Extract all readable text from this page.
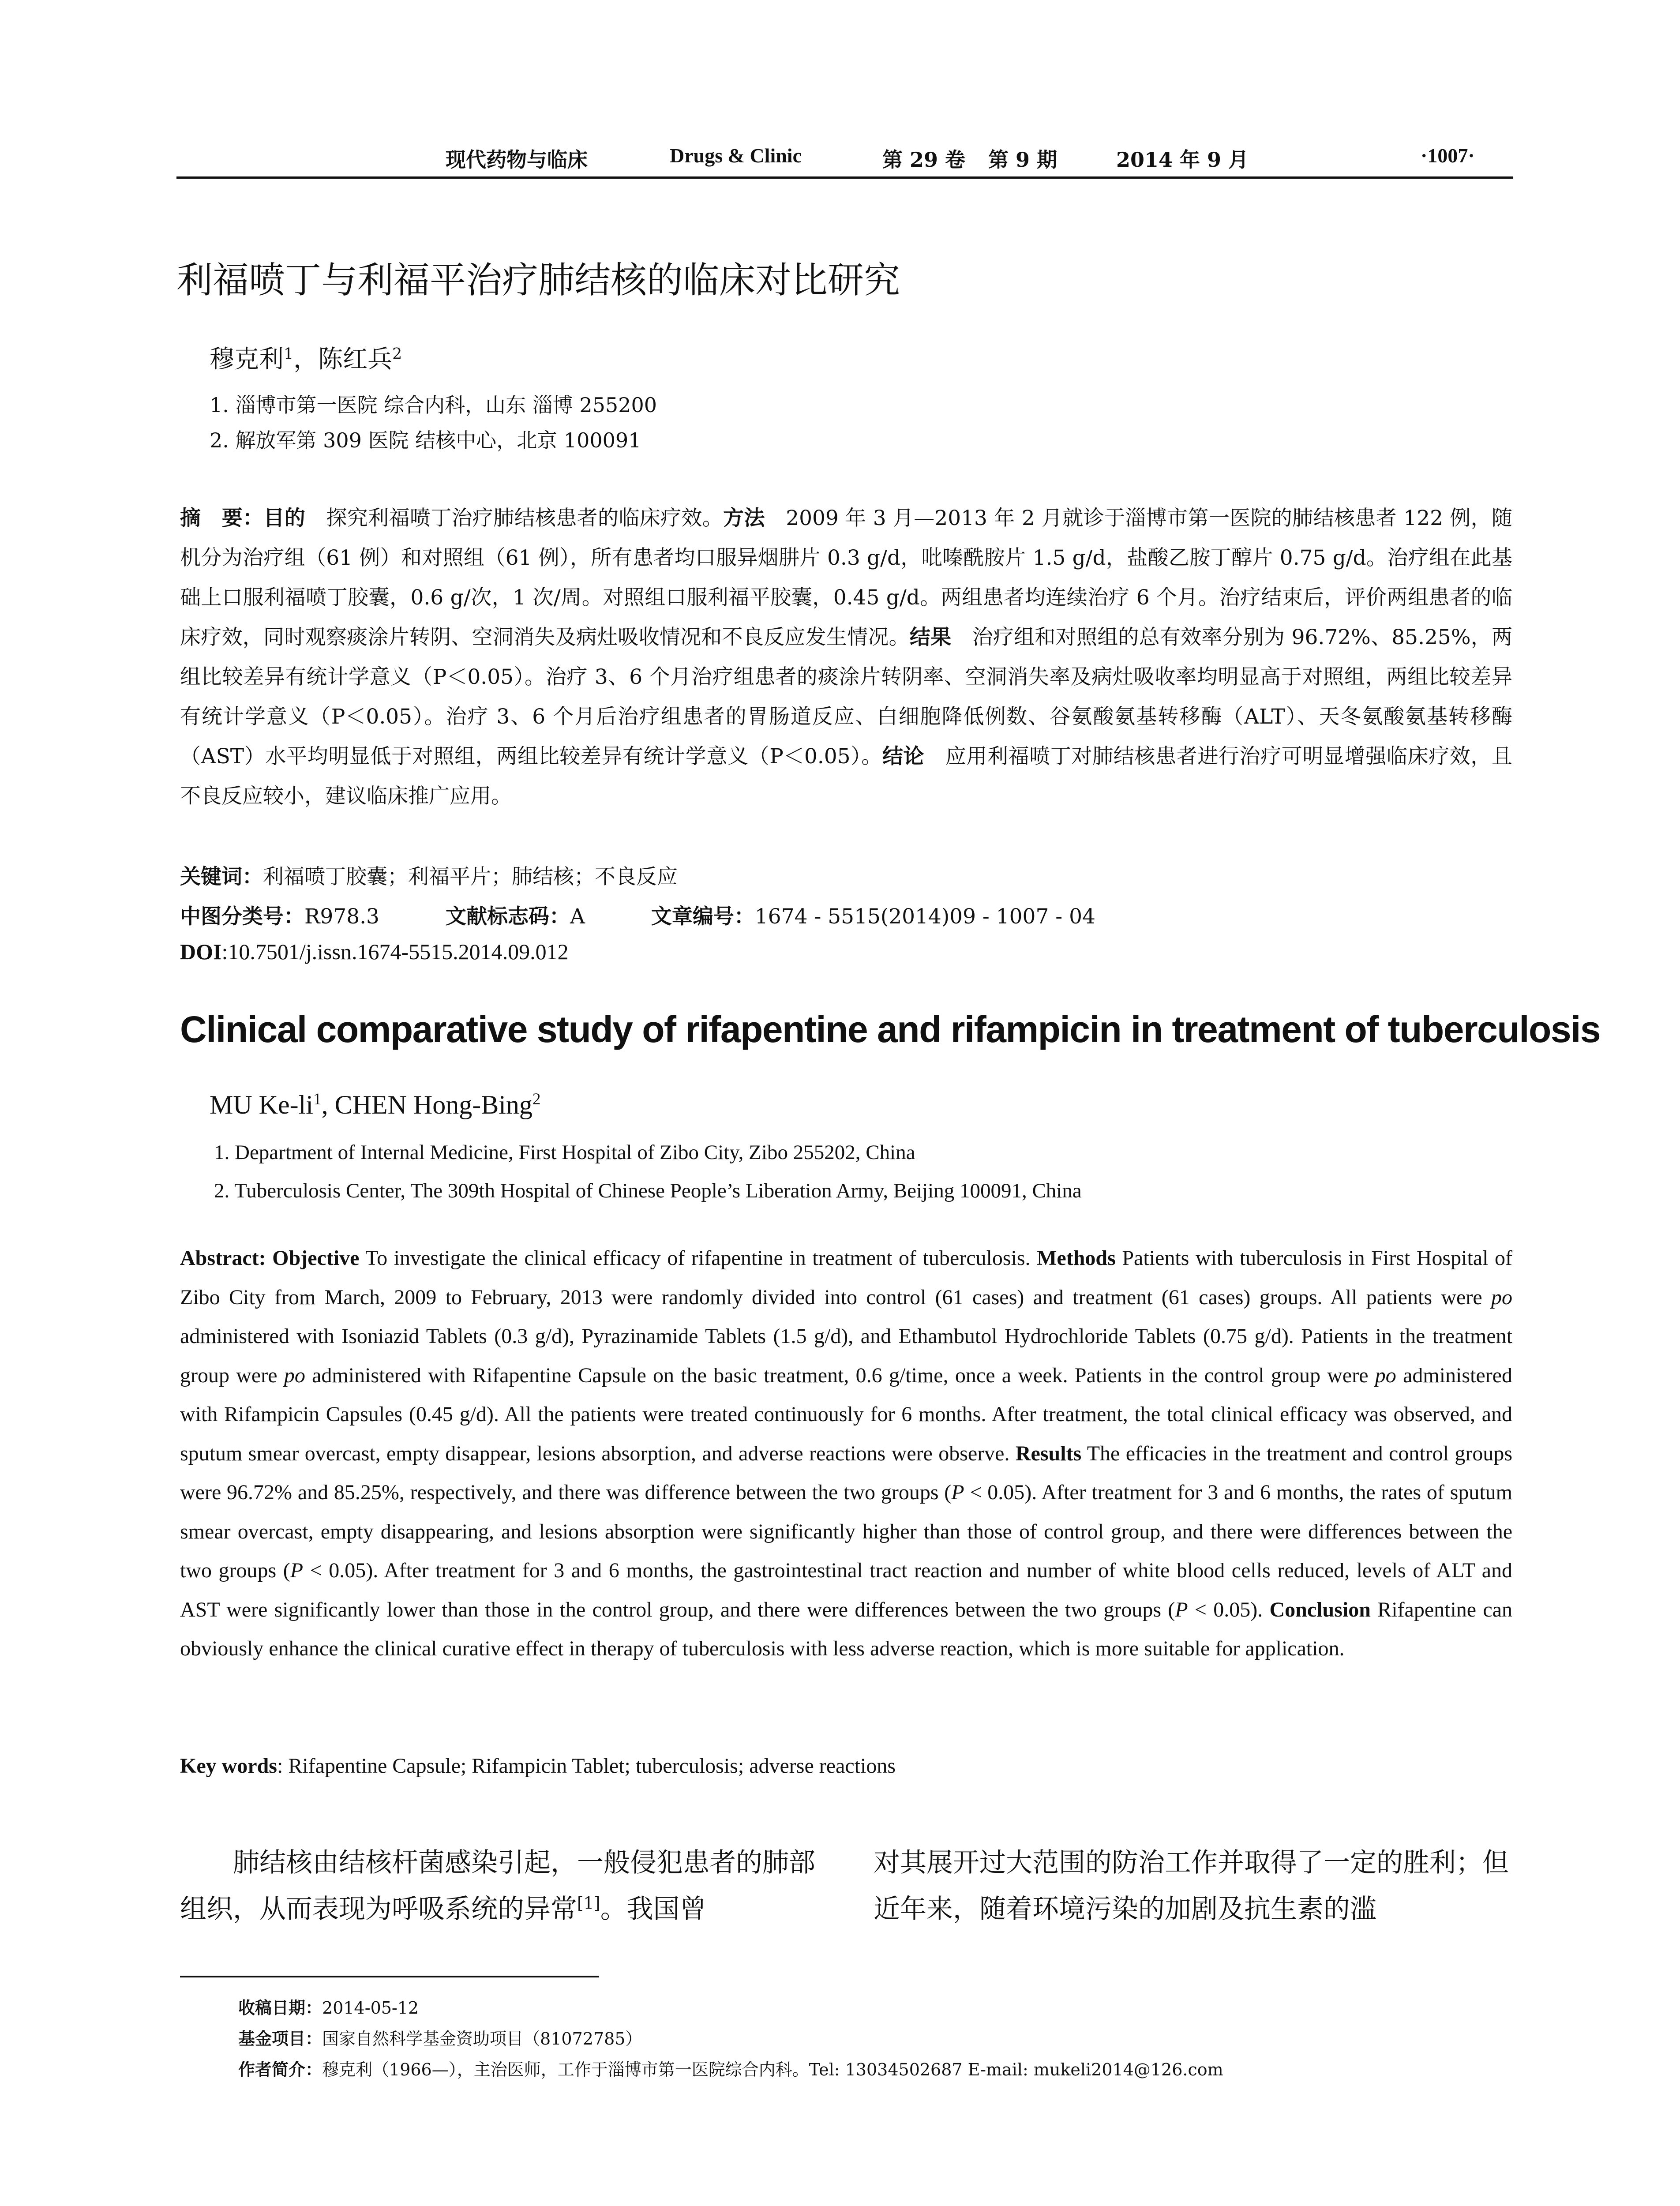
现代药物与临床	Drugs & Clinic	第 29 卷 第 9 期	2014 年 9 月	·1007·
利福喷丁与利福平治疗肺结核的临床对比研究
穆克利$^1$，陈红兵$^2$
1. 淄博市第一医院 综合内科，山东 淄博 255200
2. 解放军第 309 医院 结核中心，北京 100091
摘　要：目的　探究利福喷丁治疗肺结核患者的临床疗效。方法　2009 年 3 月—2013 年 2 月就诊于淄博市第一医院的肺结核患者 122 例，随机分为治疗组（61 例）和对照组（61 例），所有患者均口服异烟肼片 0.3 g/d，吡嗪酰胺片 1.5 g/d，盐酸乙胺丁醇片 0.75 g/d。治疗组在此基础上口服利福喷丁胶囊，0.6 g/次，1 次/周。对照组口服利福平胶囊，0.45 g/d。两组患者均连续治疗 6 个月。治疗结束后，评价两组患者的临床疗效，同时观察痰涂片转阴、空洞消失及病灶吸收情况和不良反应发生情况。结果　治疗组和对照组的总有效率分别为 96.72%、85.25%，两组比较差异有统计学意义（P＜0.05）。治疗 3、6 个月治疗组患者的痰涂片转阴率、空洞消失率及病灶吸收率均明显高于对照组，两组比较差异有统计学意义（P＜0.05）。治疗 3、6 个月后治疗组患者的胃肠道反应、白细胞降低例数、谷氨酸氨基转移酶（ALT）、天冬氨酸氨基转移酶（AST）水平均明显低于对照组，两组比较差异有统计学意义（P＜0.05）。结论　应用利福喷丁对肺结核患者进行治疗可明显增强临床疗效，且不良反应较小，建议临床推广应用。
关键词：利福喷丁胶囊；利福平片；肺结核；不良反应
中图分类号：R978.3	文献标志码：A	文章编号：1674 - 5515(2014)09 - 1007 - 04
DOI:10.7501/j.issn.1674-5515.2014.09.012
Clinical comparative study of rifapentine and rifampicin in treatment of tuberculosis
MU $Ke-li^1$, CHEN Hong-Bing$^2$
1. Department of Internal Medicine, First Hospital of Zibo City, Zibo 255202, China
2. Tuberculosis Center, The 309th Hospital of Chinese People’s Liberation Army, Beijing 100091, China
Abstract: Objective To investigate the clinical efficacy of rifapentine in treatment of tuberculosis. Methods Patients with tuberculosis in First Hospital of Zibo City from March, 2009 to February, 2013 were randomly divided into control (61 cases) and treatment (61 cases) groups. All patients were po administered with Isoniazid Tablets (0.3 g/d), Pyrazinamide Tablets (1.5 g/d), and Ethambutol Hydrochloride Tablets (0.75 g/d). Patients in the treatment group were po administered with Rifapentine Capsule on the basic treatment, 0.6 g/time, once a week. Patients in the control group were po administered with Rifampicin Capsules (0.45 g/d). All the patients were treated continuously for 6 months. After treatment, the total clinical efficacy was observed, and sputum smear overcast, empty disappear, lesions absorption, and adverse reactions were observe. Results The efficacies in the treatment and control groups were 96.72% and 85.25%, respectively, and there was difference between the two groups (P < 0.05). After treatment for 3 and 6 months, the rates of sputum smear overcast, empty disappearing, and lesions absorption were significantly higher than those of control group, and there were differences between the two groups (P < 0.05). After treatment for 3 and 6 months, the gastrointestinal tract reaction and number of white blood cells reduced, levels of ALT and AST were significantly lower than those in the control group, and there were differences between the two groups (P < 0.05). Conclusion Rifapentine can obviously enhance the clinical curative effect in therapy of tuberculosis with less adverse reaction, which is more suitable for application.
Key words: Rifapentine Capsule; Rifampicin Tablet; tuberculosis; adverse reactions
肺结核由结核杆菌感染引起，一般侵犯患者的肺部组织，从而表现为呼吸系统的异常[1]。我国曾
对其展开过大范围的防治工作并取得了一定的胜利；但近年来，随着环境污染的加剧及抗生素的滥
收稿日期：2014-05-12
基金项目：国家自然科学基金资助项目（81072785）
作者简介：穆克利（1966—），主治医师，工作于淄博市第一医院综合内科。Tel: 13034502687 E-mail: mukeli2014@126.com
